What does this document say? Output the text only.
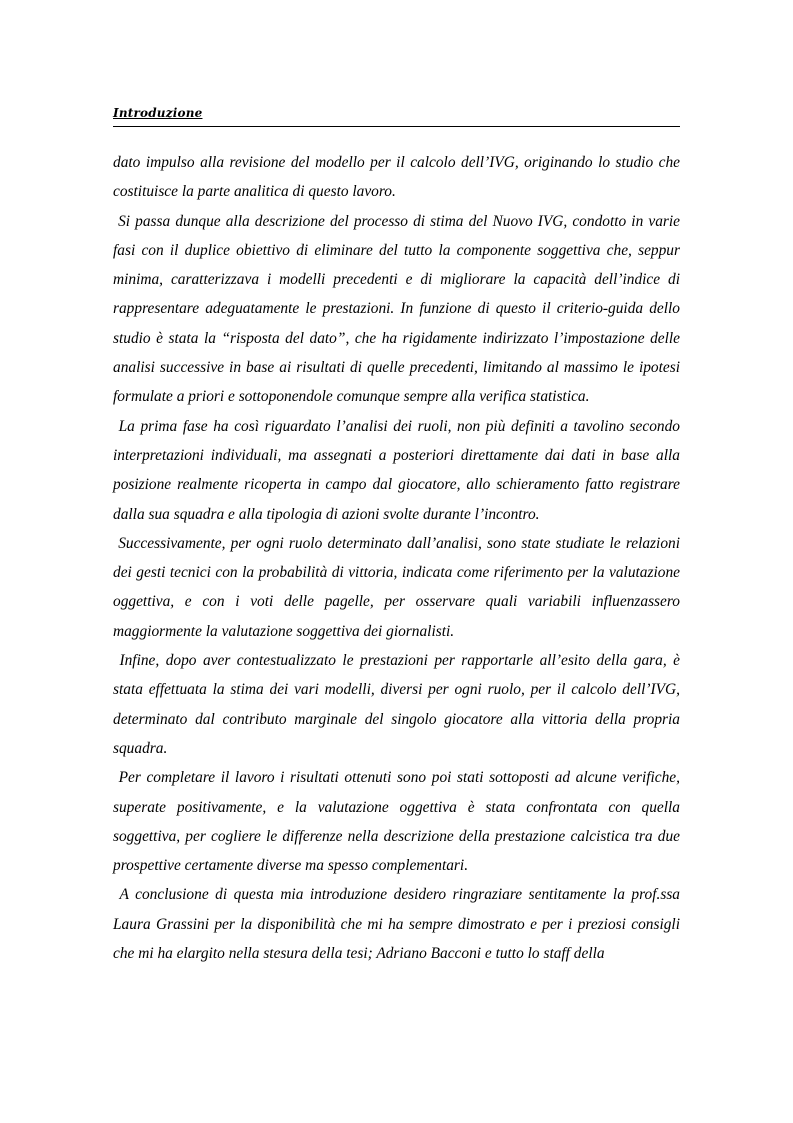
Introduzione

dato impulso alla revisione del modello per il calcolo dell’IVG, originando lo studio che costituisce la parte analitica di questo lavoro.

Si passa dunque alla descrizione del processo di stima del Nuovo IVG, condotto in varie fasi con il duplice obiettivo di eliminare del tutto la componente soggettiva che, seppur minima, caratterizzava i modelli precedenti e di migliorare la capacità dell’indice di rappresentare adeguatamente le prestazioni. In funzione di questo il criterio-guida dello studio è stata la “risposta del dato”, che ha rigidamente indirizzato l’impostazione delle analisi successive in base ai risultati di quelle precedenti, limitando al massimo le ipotesi formulate a priori e sottoponendole comunque sempre alla verifica statistica.

La prima fase ha così riguardato l’analisi dei ruoli, non più definiti a tavolino secondo interpretazioni individuali, ma assegnati a posteriori direttamente dai dati in base alla posizione realmente ricoperta in campo dal giocatore, allo schieramento fatto registrare dalla sua squadra e alla tipologia di azioni svolte durante l’incontro.

Successivamente, per ogni ruolo determinato dall’analisi, sono state studiate le relazioni dei gesti tecnici con la probabilità di vittoria, indicata come riferimento per la valutazione oggettiva, e con i voti delle pagelle, per osservare quali variabili influenzassero maggiormente la valutazione soggettiva dei giornalisti.

Infine, dopo aver contestualizzato le prestazioni per rapportarle all’esito della gara, è stata effettuata la stima dei vari modelli, diversi per ogni ruolo, per il calcolo dell’IVG, determinato dal contributo marginale del singolo giocatore alla vittoria della propria squadra.

Per completare il lavoro i risultati ottenuti sono poi stati sottoposti ad alcune verifiche, superate positivamente, e la valutazione oggettiva è stata confrontata con quella soggettiva, per cogliere le differenze nella descrizione della prestazione calcistica tra due prospettive certamente diverse ma spesso complementari.

A conclusione di questa mia introduzione desidero ringraziare sentitamente la prof.ssa Laura Grassini per la disponibilità che mi ha sempre dimostrato e per i preziosi consigli che mi ha elargito nella stesura della tesi; Adriano Bacconi e tutto lo staff della
